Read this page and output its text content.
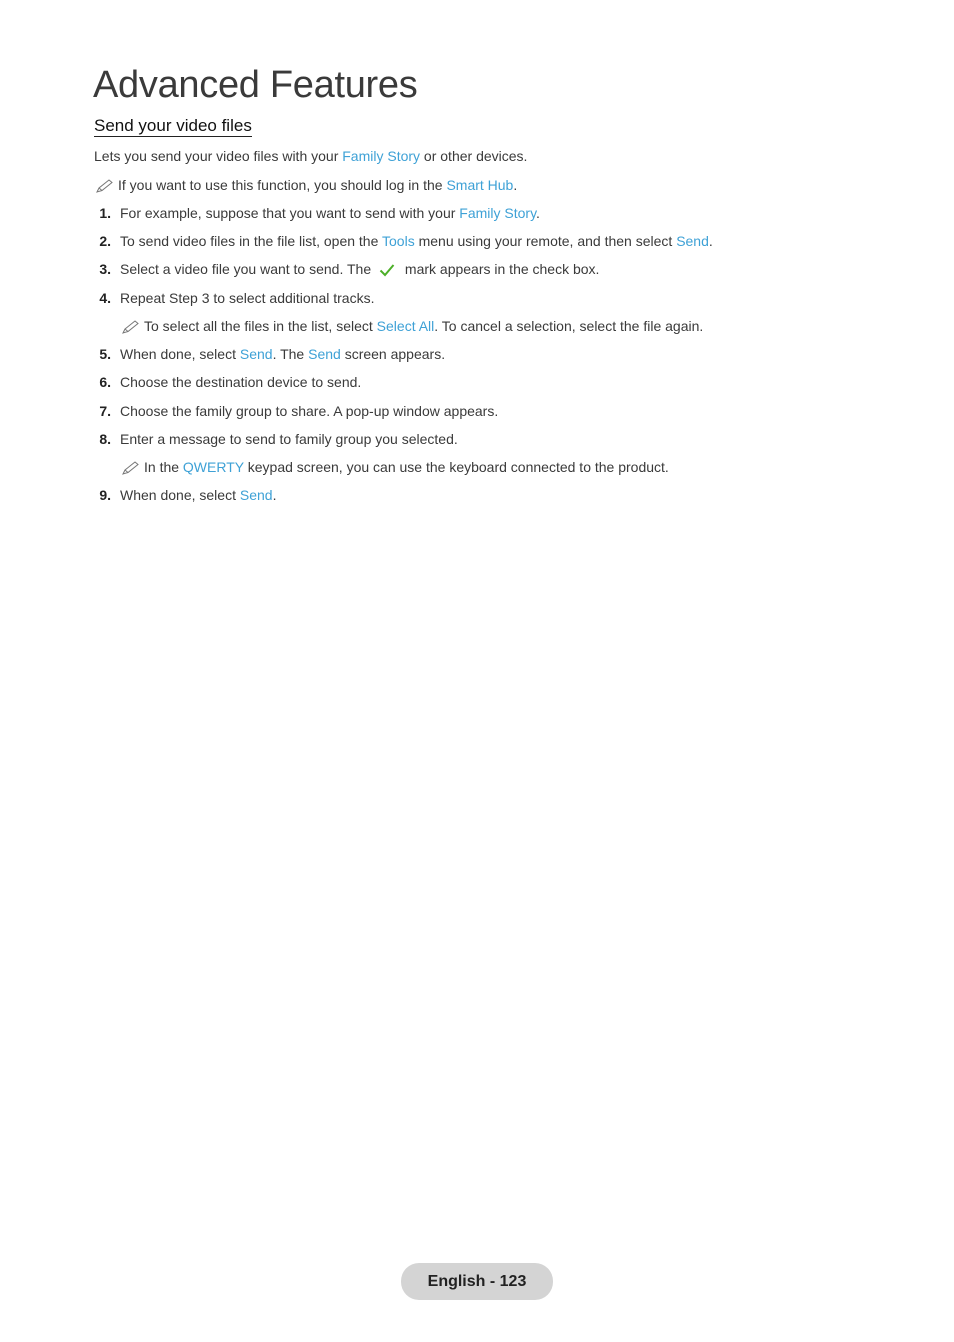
Advanced Features
Send your video files
Lets you send your video files with your Family Story or other devices.
If you want to use this function, you should log in the Smart Hub.
1. For example, suppose that you want to send with your Family Story.
2. To send video files in the file list, open the Tools menu using your remote, and then select Send.
3. Select a video file you want to send. The  mark appears in the check box.
4. Repeat Step 3 to select additional tracks.
To select all the files in the list, select Select All. To cancel a selection, select the file again.
5. When done, select Send. The Send screen appears.
6. Choose the destination device to send.
7. Choose the family group to share. A pop-up window appears.
8. Enter a message to send to family group you selected.
In the QWERTY keypad screen, you can use the keyboard connected to the product.
9. When done, select Send.
English - 123
